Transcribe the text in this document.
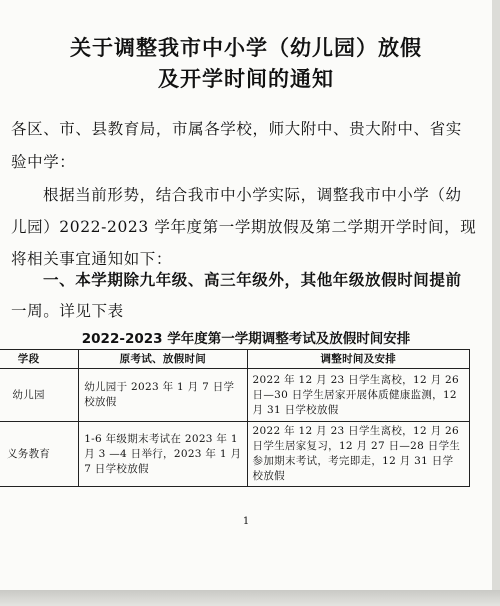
关于调整我市中小学（幼儿园）放假
及开学时间的通知
各区、市、县教育局，市属各学校，师大附中、贵大附中、省实
验中学：
根据当前形势，结合我市中小学实际，调整我市中小学（幼
儿园）2022-2023 学年度第一学期放假及第二学期开学时间，现
将相关事宜通知如下：
一、本学期除九年级、高三年级外，其他年级放假时间提前
一周。详见下表
2022-2023 学年度第一学期调整考试及放假时间安排
学段	原考试、放假时间	调整时间及安排
幼儿园	幼儿园于 2023 年 1 月 7 日学校放假	2022 年 12 月 23 日学生离校，12 月 26 日—30 日学生居家开展体质健康监测，12 月 31 日学校放假
义务教育	1-6 年级期末考试在 2023 年 1 月 3 —4 日举行，2023 年 1 月 7 日学校放假	2022 年 12 月 23 日学生离校，12 月 26 日学生居家复习，12 月 27 日—28 日学生参加期末考试，考完即走，12 月 31 日学校放假
1
